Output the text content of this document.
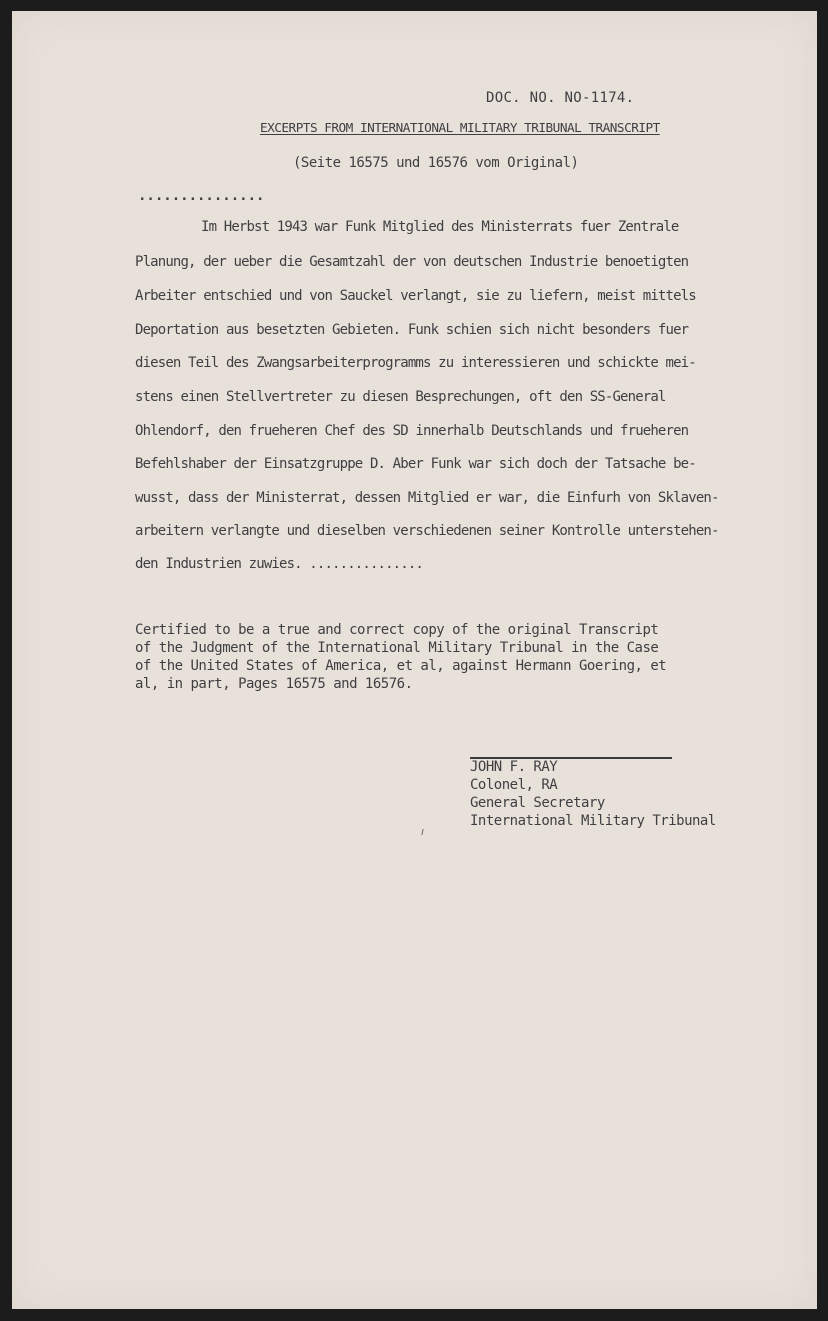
DOC. NO. NO-1174.
EXCERPTS FROM INTERNATIONAL MILITARY TRIBUNAL TRANSCRIPT
(Seite 16575 und 16576 vom Original)
...............
Im Herbst 1943 war Funk Mitglied des Ministerrats fuer Zentrale
Planung, der ueber die Gesamtzahl der von deutschen Industrie benoetigten
Arbeiter entschied und von Sauckel verlangt, sie zu liefern, meist mittels
Deportation aus besetzten Gebieten. Funk schien sich nicht besonders fuer
diesen Teil des Zwangsarbeiterprogramms zu interessieren und schickte mei-
stens einen Stellvertreter zu diesen Besprechungen, oft den SS-General
Ohlendorf, den frueheren Chef des SD innerhalb Deutschlands und frueheren
Befehlshaber der Einsatzgruppe D. Aber Funk war sich doch der Tatsache be-
wusst, dass der Ministerrat, dessen Mitglied er war, die Einfurh von Sklaven-
arbeitern verlangte und dieselben verschiedenen seiner Kontrolle unterstehen-
den Industrien zuwies. ...............
Certified to be a true and correct copy of the original Transcript
of the Judgment of the International Military Tribunal in the Case
of the United States of America, et al, against Hermann Goering, et
al, in part, Pages 16575 and 16576.
JOHN F. RAY
Colonel, RA
General Secretary
International Military Tribunal
